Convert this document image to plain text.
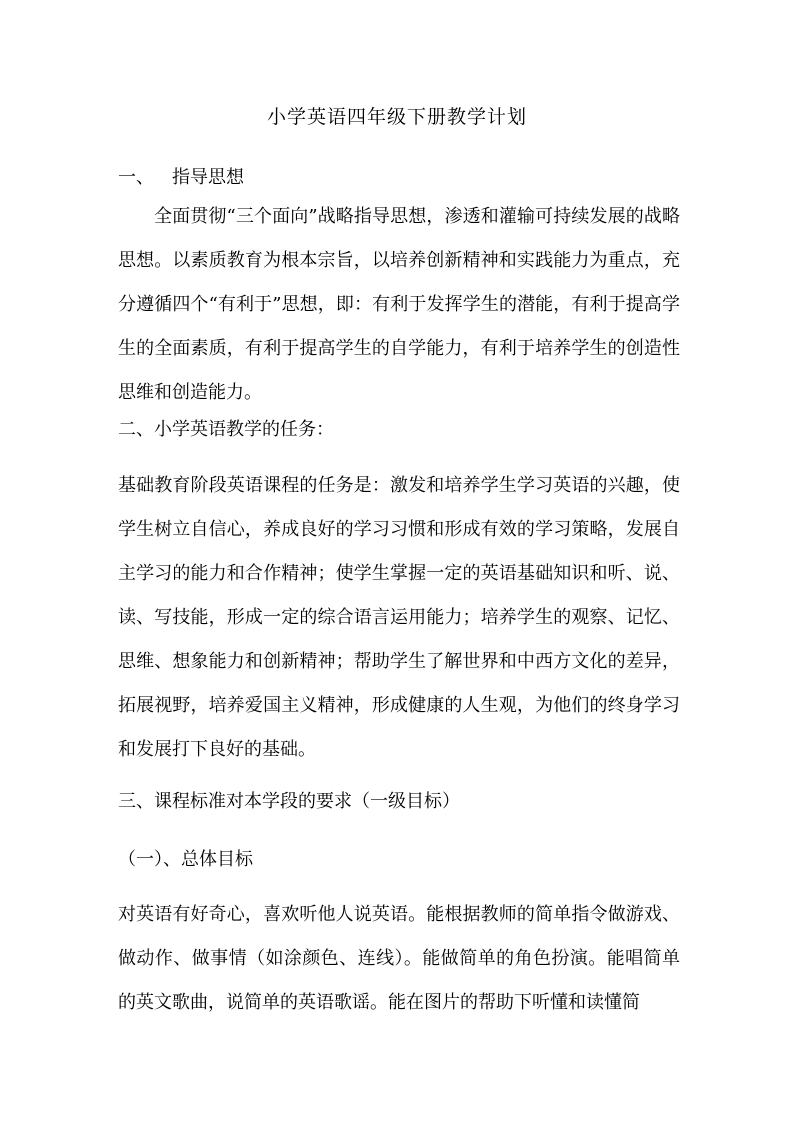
小学英语四年级下册教学计划
一、 指导思想

全面贯彻“三个面向”战略指导思想，渗透和灌输可持续发展的战略思想。以素质教育为根本宗旨，以培养创新精神和实践能力为重点，充分遵循四个“有利于”思想，即：有利于发挥学生的潜能，有利于提高学生的全面素质，有利于提高学生的自学能力，有利于培养学生的创造性思维和创造能力。

二、小学英语教学的任务：

基础教育阶段英语课程的任务是：激发和培养学生学习英语的兴趣，使学生树立自信心，养成良好的学习习惯和形成有效的学习策略，发展自主学习的能力和合作精神；使学生掌握一定的英语基础知识和听、说、读、写技能，形成一定的综合语言运用能力；培养学生的观察、记忆、思维、想象能力和创新精神；帮助学生了解世界和中西方文化的差异，拓展视野，培养爱国主义精神，形成健康的人生观，为他们的终身学习和发展打下良好的基础。

三、课程标准对本学段的要求（一级目标）
（一）、总体目标

对英语有好奇心，喜欢听他人说英语。能根据教师的简单指令做游戏、做动作、做事情（如涂颜色、连线）。能做简单的角色扮演。能唱简单的英文歌曲，说简单的英语歌谣。能在图片的帮助下听懂和读懂简
